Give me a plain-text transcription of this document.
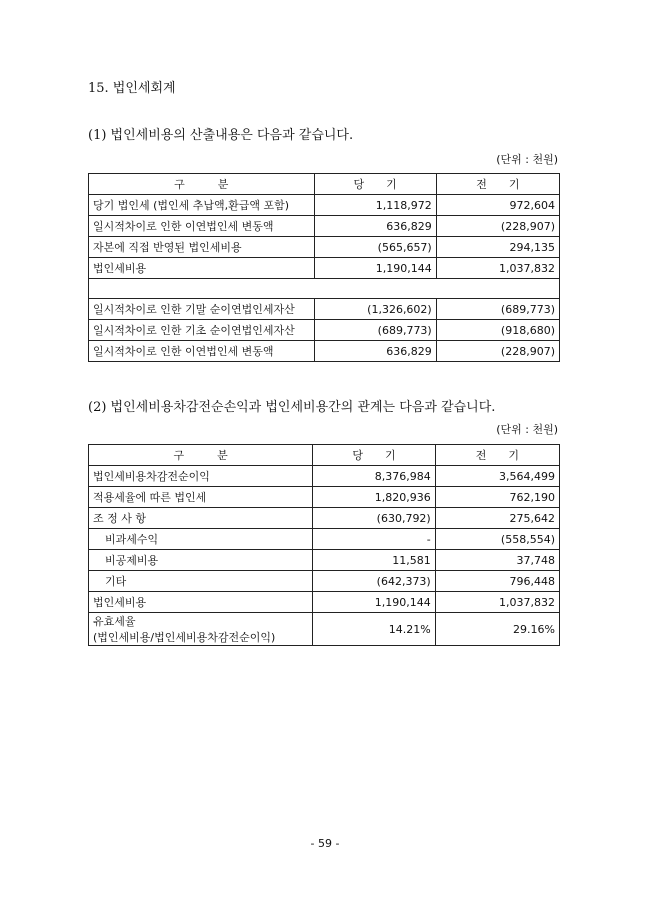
15. 법인세회계
(1) 법인세비용의 산출내용은 다음과 같습니다.
(단위 : 천원)
구　　　분	당　　기	전　　기
당기 법인세 (법인세 추납액,환급액 포함)	1,118,972	972,604
일시적차이로 인한 이연법인세 변동액	636,829	(228,907)
자본에 직접 반영된 법인세비용	(565,657)	294,135
법인세비용	1,190,144	1,037,832

일시적차이로 인한 기말 순이연법인세자산	(1,326,602)	(689,773)
일시적차이로 인한 기초 순이연법인세자산	(689,773)	(918,680)
일시적차이로 인한 이연법인세 변동액	636,829	(228,907)
(2) 법인세비용차감전순손익과 법인세비용간의 관계는 다음과 같습니다.
(단위 : 천원)
구　　　분	당　　기	전　　기
법인세비용차감전순이익	8,376,984	3,564,499
적용세율에 따른 법인세	1,820,936	762,190
조 정 사 항	(630,792)	275,642
비과세수익	-	(558,554)
비공제비용	11,581	37,748
기타	(642,373)	796,448
법인세비용	1,190,144	1,037,832

유효세율
(법인세비용/법인세비용차감전순이익)	14.21%	29.16%
- 59 -
